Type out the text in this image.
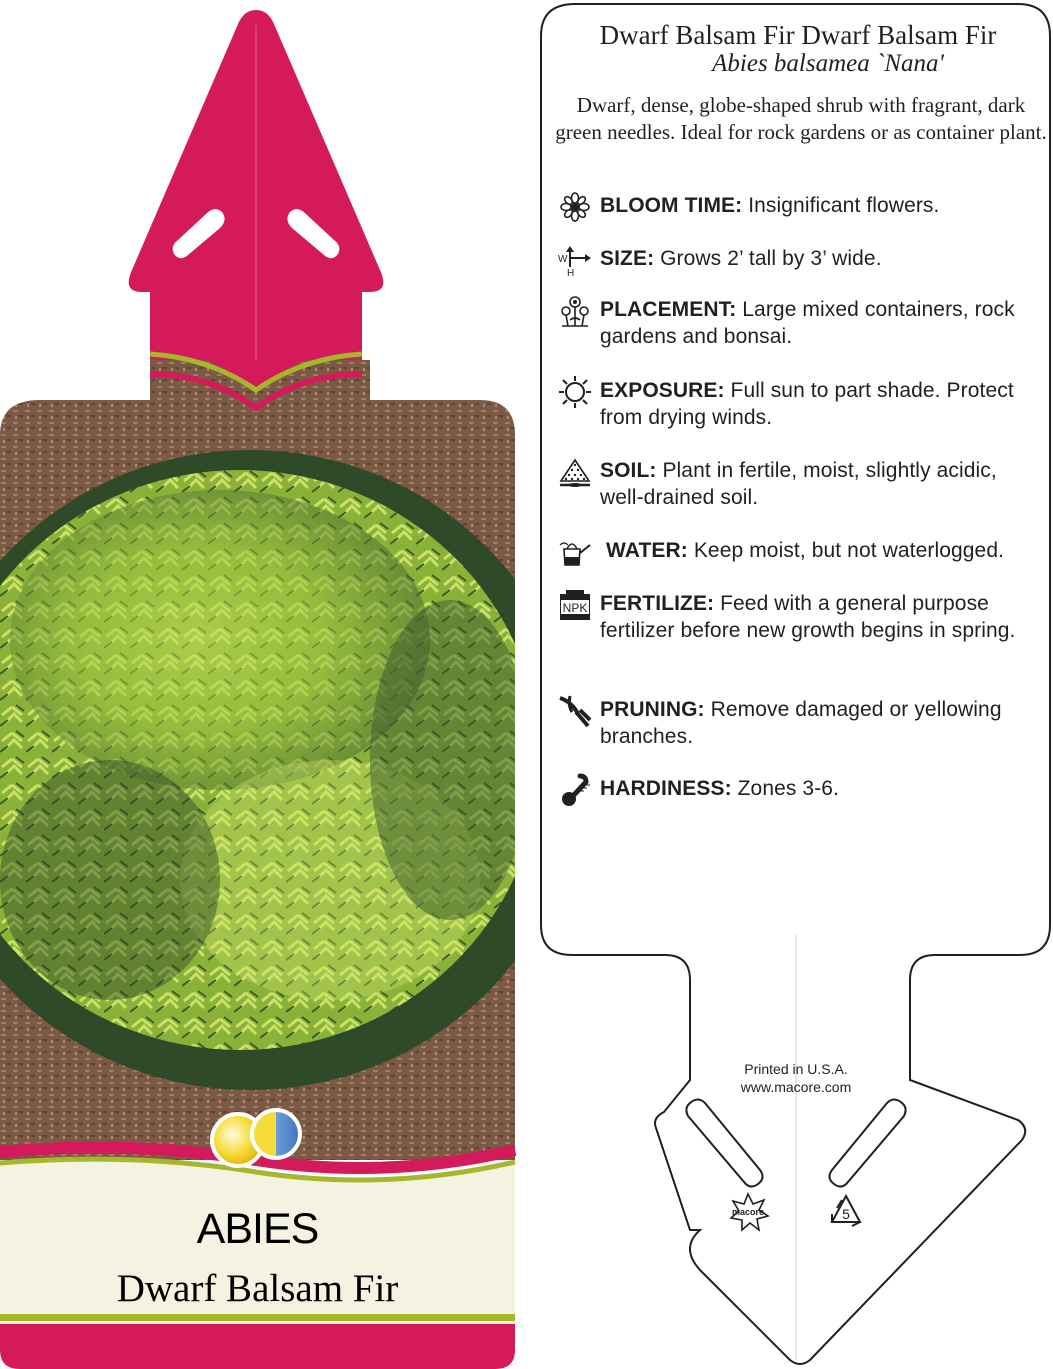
macore	5
ABIES
Dwarf Balsam Fir
Dwarf Balsam Fir Dwarf Balsam Fir
Abies balsamea `Nana'
Dwarf, dense, globe-shaped shrub with fragrant, dark green needles. Ideal for rock gardens or as container plant.
BLOOM TIME: Insignificant flowers.
W
H
SIZE: Grows 2’ tall by 3’ wide.
PLACEMENT: Large mixed containers, rock gardens and bonsai.
EXPOSURE: Full sun to part shade. Protect from drying winds.
SOIL: Plant in fertile, moist, slightly acidic, well-drained soil.
WATER: Keep moist, but not waterlogged.
NPK FERTILIZE: Feed with a general purpose fertilizer before new growth begins in spring.
PRUNING: Remove damaged or yellowing branches.
HARDINESS: Zones 3-6.
Printed in U.S.A.
www.macore.com
